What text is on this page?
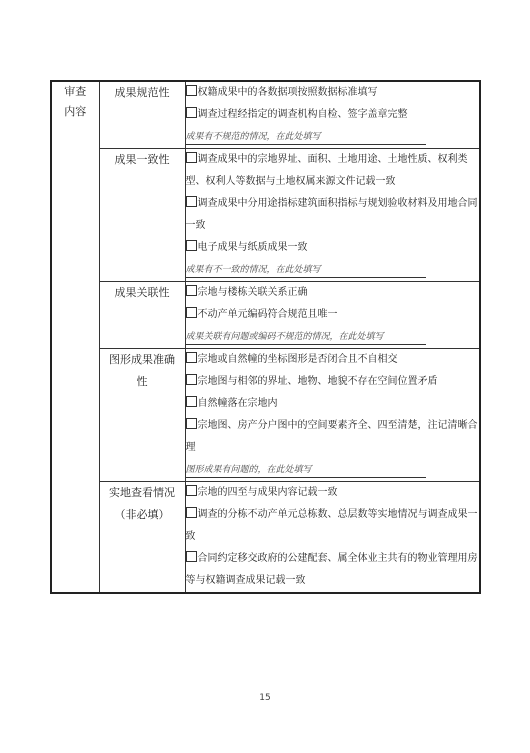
审查内容	成果规范性	权籍成果中的各数据项按照数据标准填写
调查过程经指定的调查机构自检、签字盖章完整
成果有不规范的情况，在此处填写

	成果一致性	调查成果中的宗地界址、面积、土地用途、土地性质、权利类型、权利人等数据与土地权属来源文件记载一致
调查成果中分用途指标建筑面积指标与规划验收材料及用地合同一致
电子成果与纸质成果一致
成果有不一致的情况，在此处填写

	成果关联性	宗地与楼栋关联关系正确
不动产单元编码符合规范且唯一
成果关联有问题或编码不规范的情况，在此处填写

	图形成果准确性	宗地或自然幢的坐标图形是否闭合且不自相交
宗地图与相邻的界址、地物、地貌不存在空间位置矛盾
自然幢落在宗地内
宗地图、房产分户图中的空间要素齐全、四至清楚，注记清晰合理
图形成果有问题的，在此处填写

	实地查看情况（非必填）	宗地的四至与成果内容记载一致
调查的分栋不动产单元总栋数、总层数等实地情况与调查成果一致
合同约定移交政府的公建配套、属全体业主共有的物业管理用房等与权籍调查成果记载一致
15
